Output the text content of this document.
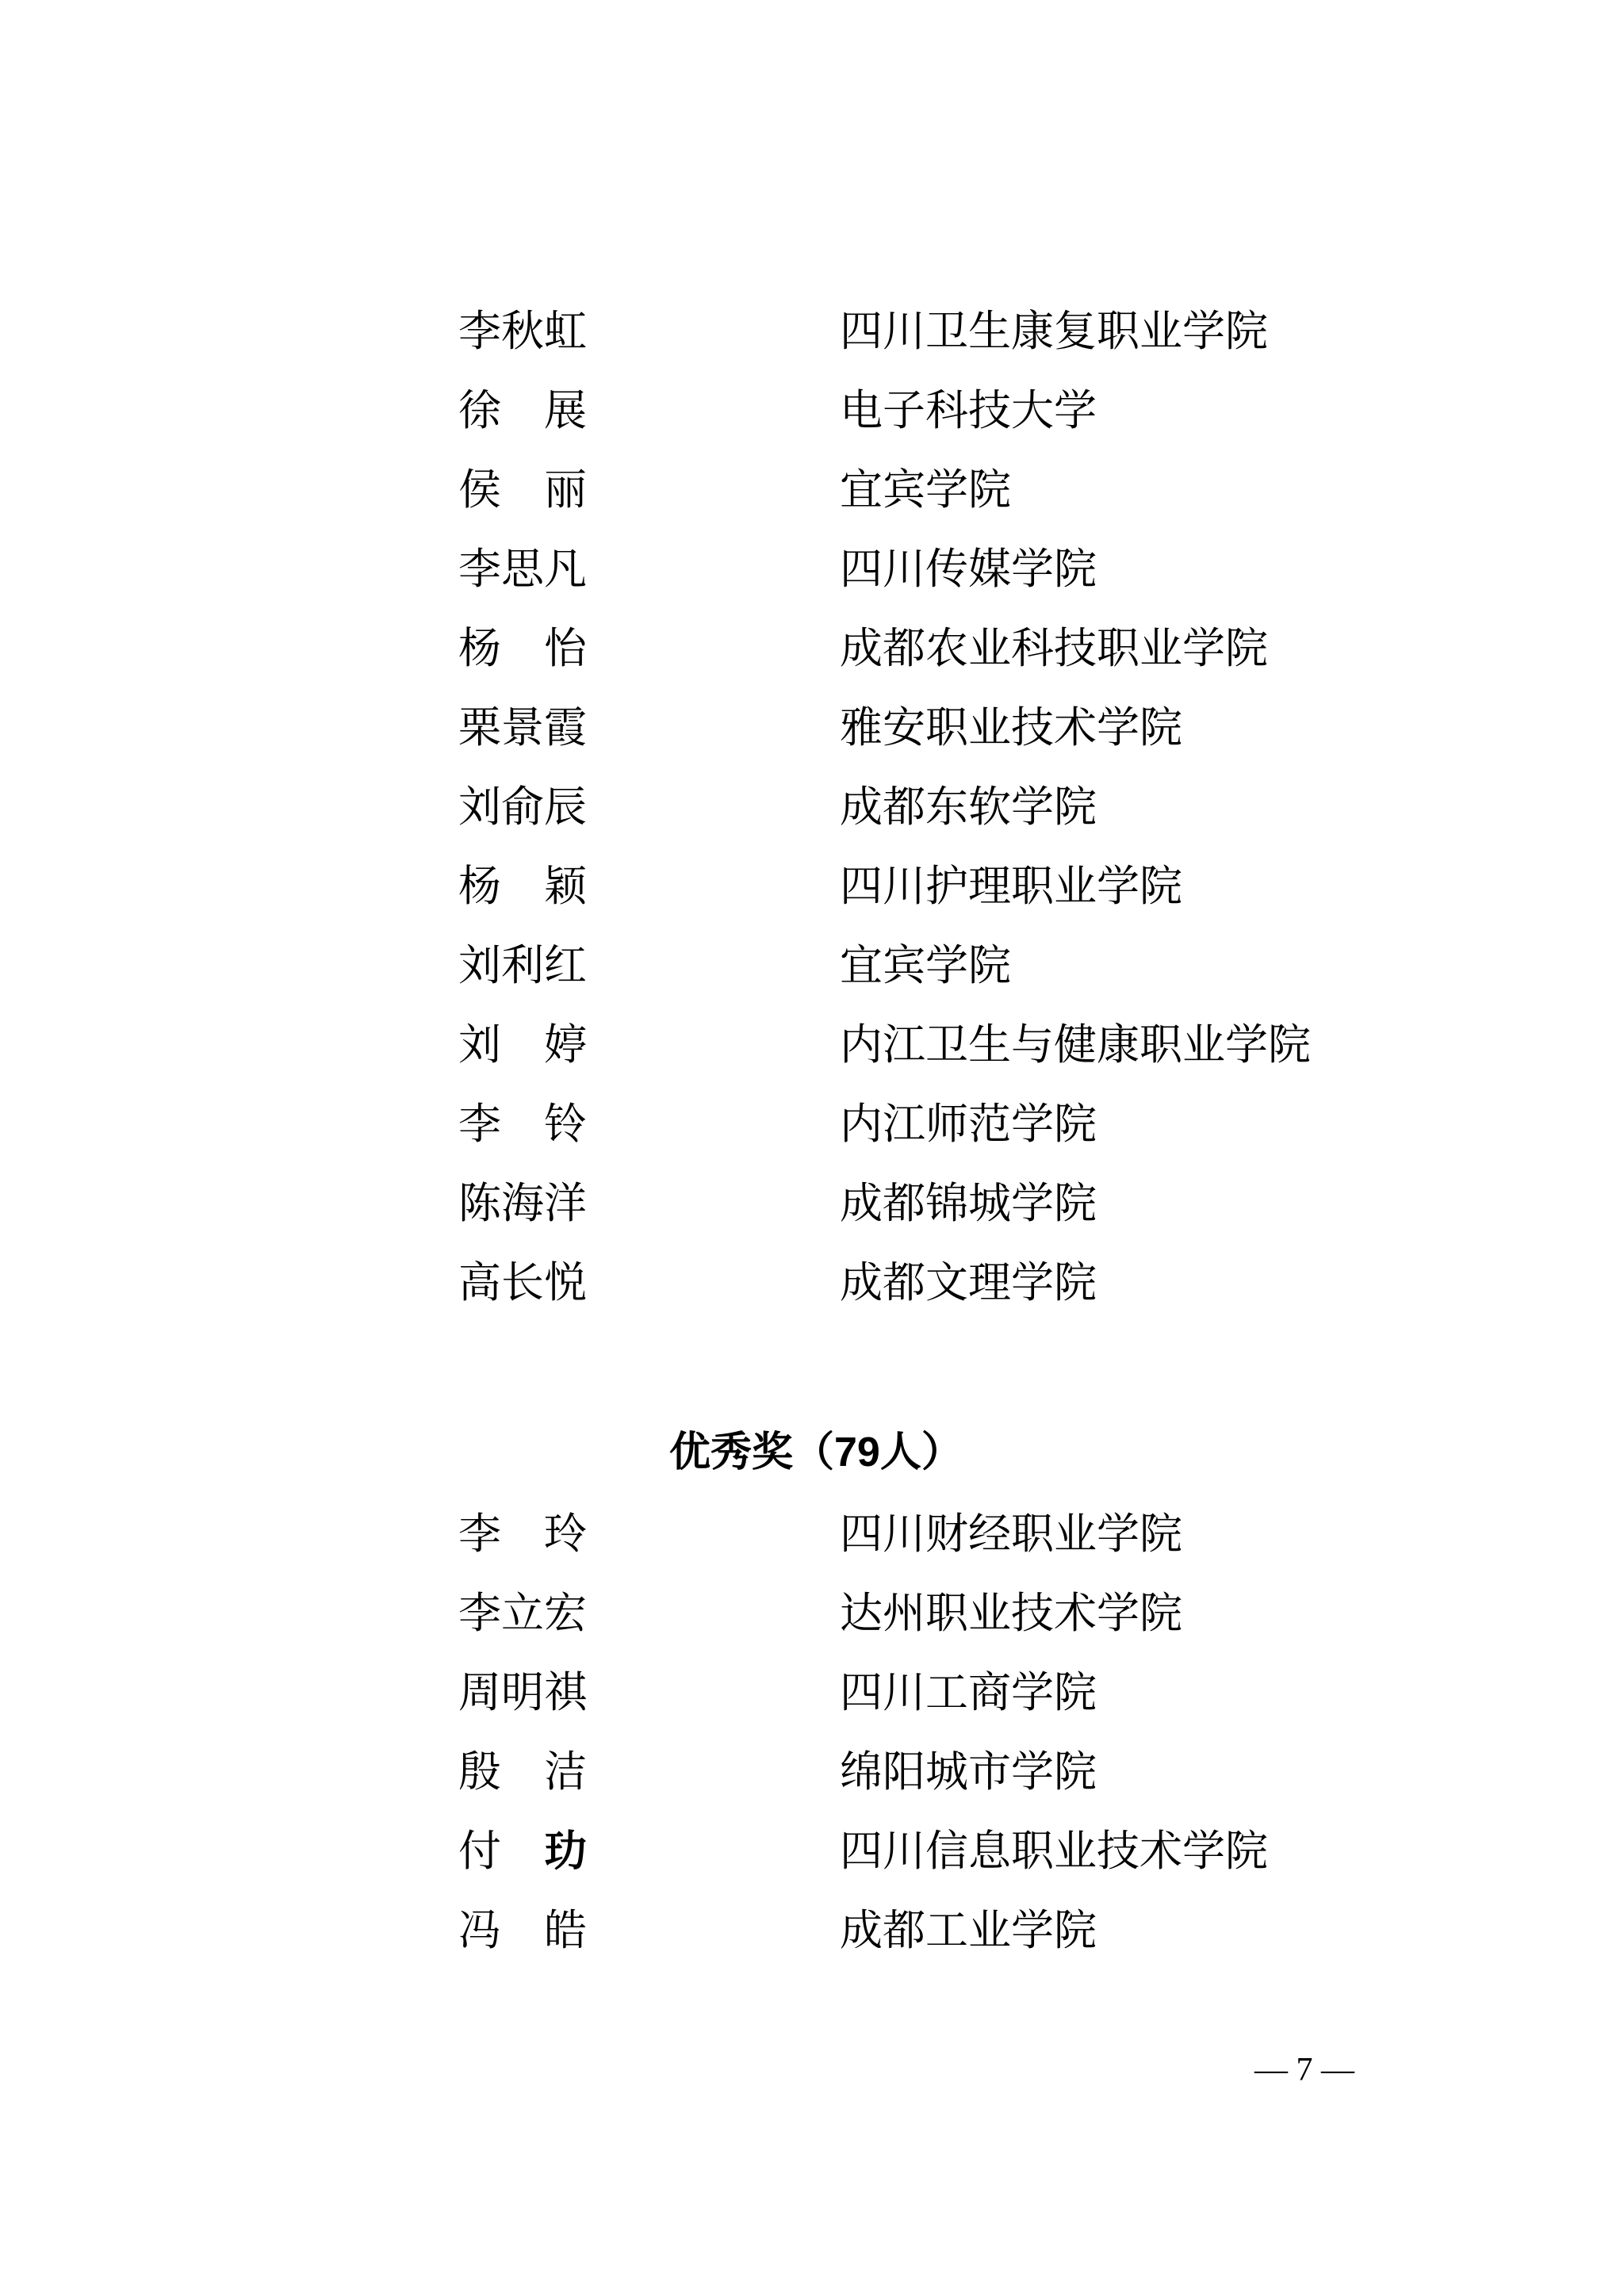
李秋虹	四川卫生康复职业学院
徐　展	电子科技大学
侯　丽	宜宾学院
李思凡	四川传媒学院
杨　怡	成都农业科技职业学院
栗景霞	雅安职业技术学院
刘俞辰	成都东软学院
杨　颖	四川护理职业学院
刘利红	宜宾学院
刘　婷	内江卫生与健康职业学院
李　铃	内江师范学院
陈海洋	成都锦城学院
高长悦	成都文理学院
优秀奖（79人）
李　玲	四川财经职业学院
李立宏	达州职业技术学院
周明祺	四川工商学院
殷　洁	绵阳城市学院
付　玏	四川信息职业技术学院
冯　皓	成都工业学院
— 7 —
